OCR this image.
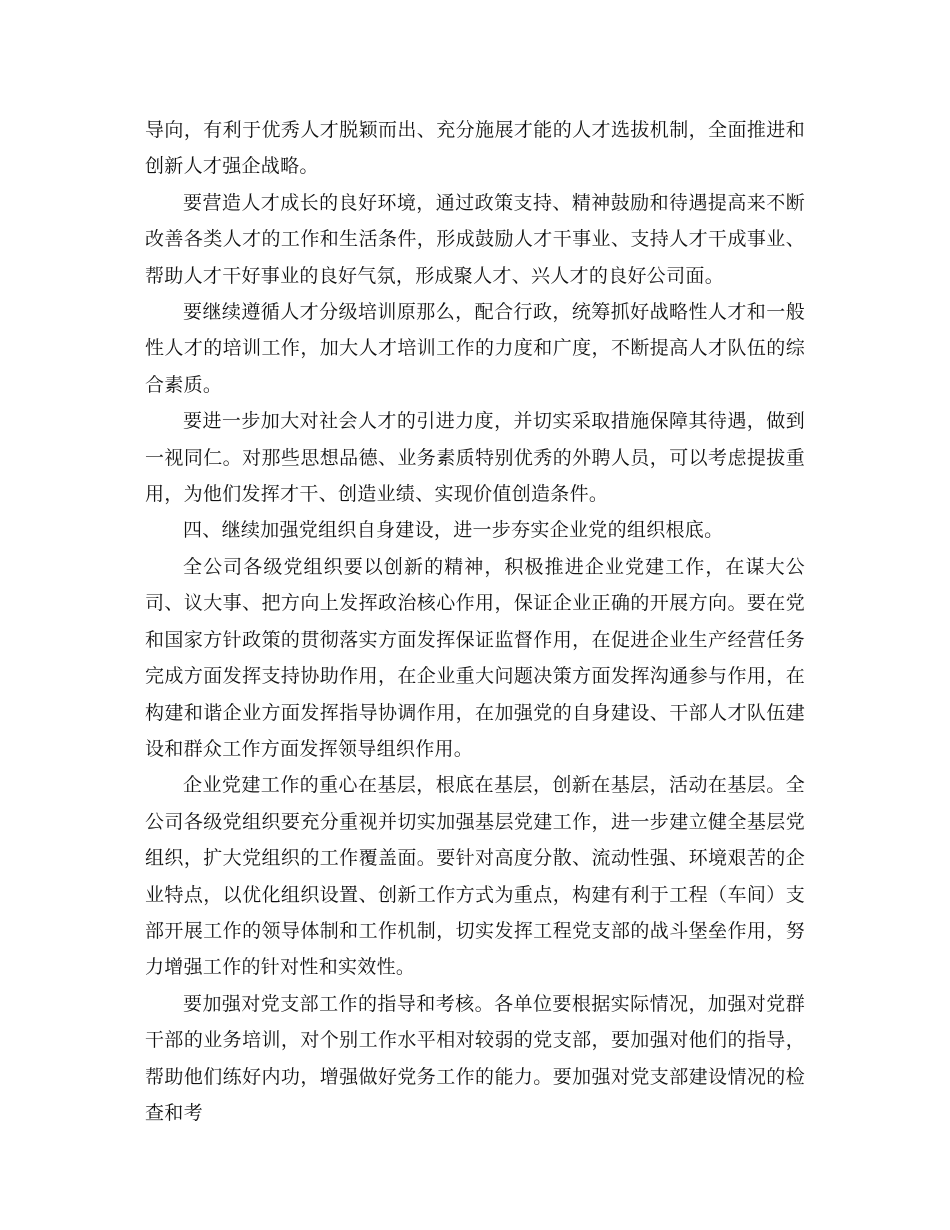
导向，有利于优秀人才脱颖而出、充分施展才能的人才选拔机制，全面推进和创新人才强企战略。

要营造人才成长的良好环境，通过政策支持、精神鼓励和待遇提高来不断改善各类人才的工作和生活条件，形成鼓励人才干事业、支持人才干成事业、帮助人才干好事业的良好气氛，形成聚人才、兴人才的良好公司面。

要继续遵循人才分级培训原那么，配合行政，统筹抓好战略性人才和一般性人才的培训工作，加大人才培训工作的力度和广度，不断提高人才队伍的综合素质。

要进一步加大对社会人才的引进力度，并切实采取措施保障其待遇，做到一视同仁。对那些思想品德、业务素质特别优秀的外聘人员，可以考虑提拔重用，为他们发挥才干、创造业绩、实现价值创造条件。

四、继续加强党组织自身建设，进一步夯实企业党的组织根底。

全公司各级党组织要以创新的精神，积极推进企业党建工作，在谋大公司、议大事、把方向上发挥政治核心作用，保证企业正确的开展方向。要在党和国家方针政策的贯彻落实方面发挥保证监督作用，在促进企业生产经营任务完成方面发挥支持协助作用，在企业重大问题决策方面发挥沟通参与作用，在构建和谐企业方面发挥指导协调作用，在加强党的自身建设、干部人才队伍建设和群众工作方面发挥领导组织作用。

企业党建工作的重心在基层，根底在基层，创新在基层，活动在基层。全公司各级党组织要充分重视并切实加强基层党建工作，进一步建立健全基层党组织，扩大党组织的工作覆盖面。要针对高度分散、流动性强、环境艰苦的企业特点，以优化组织设置、创新工作方式为重点，构建有利于工程（车间）支部开展工作的领导体制和工作机制，切实发挥工程党支部的战斗堡垒作用，努力增强工作的针对性和实效性。

要加强对党支部工作的指导和考核。各单位要根据实际情况，加强对党群干部的业务培训，对个别工作水平相对较弱的党支部，要加强对他们的指导，帮助他们练好内功，增强做好党务工作的能力。要加强对党支部建设情况的检查和考
